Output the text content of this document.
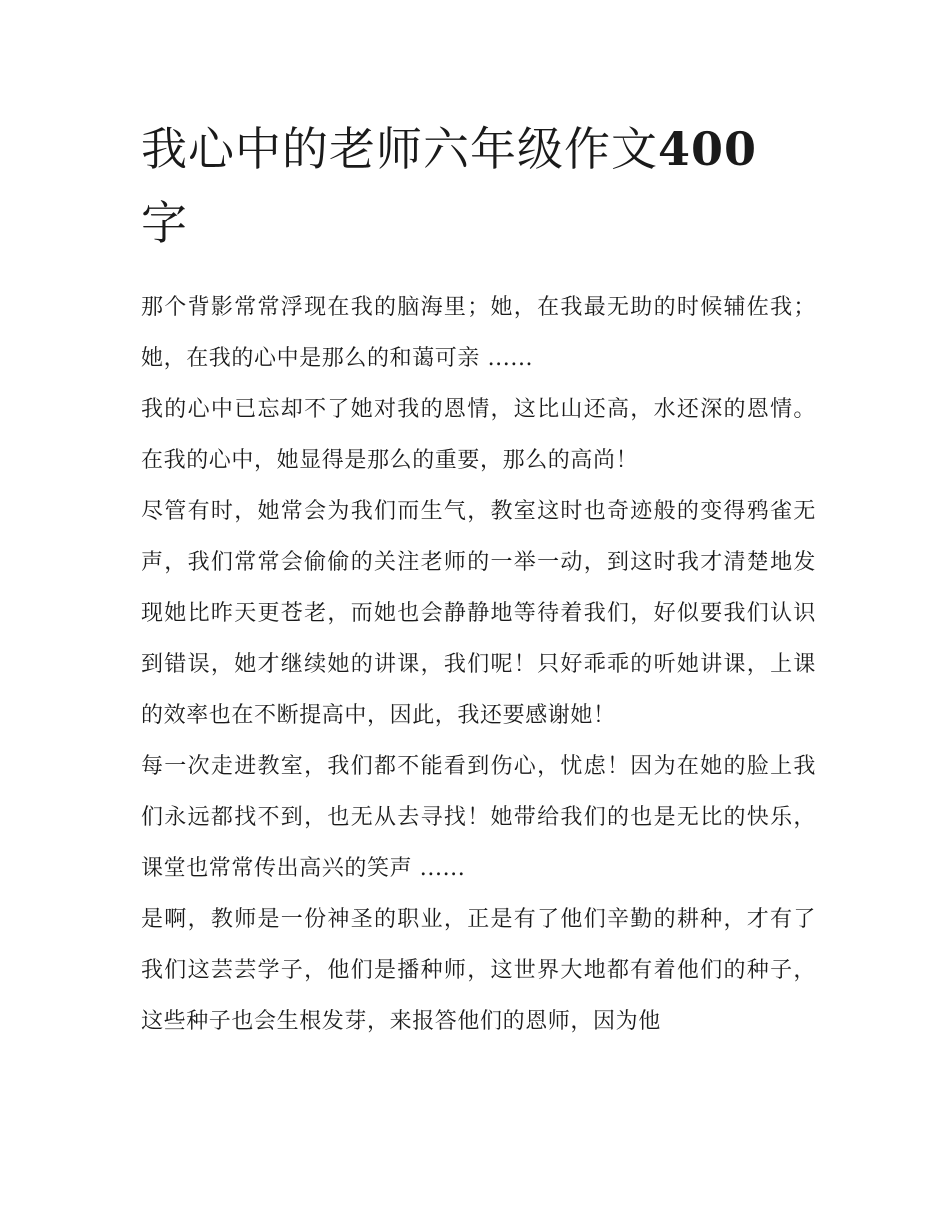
我心中的老师六年级作文400
字

那个背影常常浮现在我的脑海里；她，在我最无助的时候辅佐我；她，在我的心中是那么的和蔼可亲 ......

我的心中已忘却不了她对我的恩情，这比山还高，水还深的恩情。在我的心中，她显得是那么的重要，那么的高尚！

尽管有时，她常会为我们而生气，教室这时也奇迹般的变得鸦雀无声，我们常常会偷偷的关注老师的一举一动，到这时我才清楚地发现她比昨天更苍老，而她也会静静地等待着我们，好似要我们认识到错误，她才继续她的讲课，我们呢！只好乖乖的听她讲课，上课的效率也在不断提高中，因此，我还要感谢她！

每一次走进教室，我们都不能看到伤心，忧虑！因为在她的脸上我们永远都找不到，也无从去寻找！她带给我们的也是无比的快乐，课堂也常常传出高兴的笑声 ......

是啊，教师是一份神圣的职业，正是有了他们辛勤的耕种，才有了我们这芸芸学子，他们是播种师，这世界大地都有着他们的种子，这些种子也会生根发芽，来报答他们的恩师，因为他
